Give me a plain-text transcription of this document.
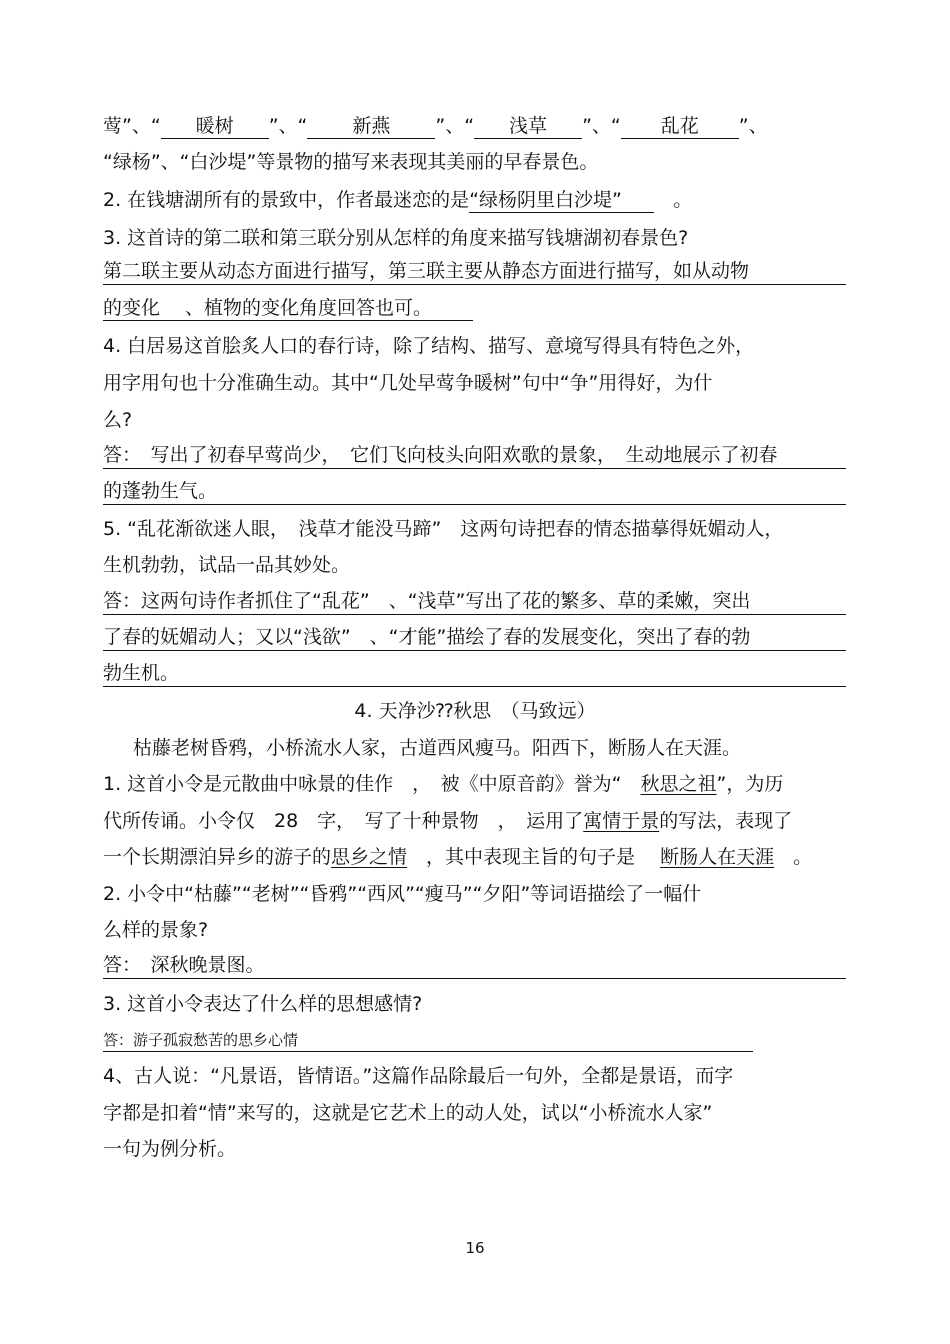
莺”、“ 暖树 ”、“ 新燕 ”、“ 浅草 ”、“ 乱花 ”、
“绿杨”、“白沙堤”等景物的描写来表现其美丽的早春景色。
2. 在钱塘湖所有的景致中，作者最迷恋的是“绿杨阴里白沙堤”　	。
3. 这首诗的第二联和第三联分别从怎样的角度来描写钱塘湖初春景色?
第二联主要从动态方面进行描写，第三联主要从静态方面进行描写，如从动物
的变化　 、植物的变化角度回答也可。
4. 白居易这首脍炙人口的春行诗，除了结构、描写、意境写得具有特色之外，
用字用句也十分准确生动。其中“几处早莺争暖树”句中“争”用得好，为什
么?
答：　 写出了初春早莺尚少，　它们飞向枝头向阳欢歌的景象，　生动地展示了初春
的蓬勃生气。
5. “乱花渐欲迷人眼，　浅草才能没马蹄”　这两句诗把春的情态描摹得妩媚动人，
生机勃勃，试品一品其妙处。
答：这两句诗作者抓住了“乱花”　、“浅草”写出了花的繁多、草的柔嫩，突出
了春的妩媚动人；又以“浅欲”　、“才能”描绘了春的发展变化，突出了春的勃
勃生机。
4. 天净沙⁇秋思　（马致远）
枯藤老树昏鸦，小桥流水人家，古道西风瘦马。阳西下，断肠人在天涯。
1. 这首小令是元散曲中咏景的佳作　，　被《中原音韵》誉为“　 秋思之祖”，为历
代所传诵。小令仅　28　字，　写了十种景物　，　运用了寓情于景的写法，表现了
一个长期漂泊异乡的游子的思乡之情　 ，其中表现主旨的句子是　 断肠人在天涯　 。
2. 小令中“枯藤”“老树”“昏鸦”“西风”“瘦马”“夕阳”等词语描绘了一幅什
么样的景象?
答：　 深秋晚景图。
3. 这首小令表达了什么样的思想感情?
答：游子孤寂愁苦的思乡心情
4、古人说：“凡景语，皆情语。”这篇作品除最后一句外，全都是景语，而字
字都是扣着“情”来写的，这就是它艺术上的动人处，试以“小桥流水人家”
一句为例分析。
16
